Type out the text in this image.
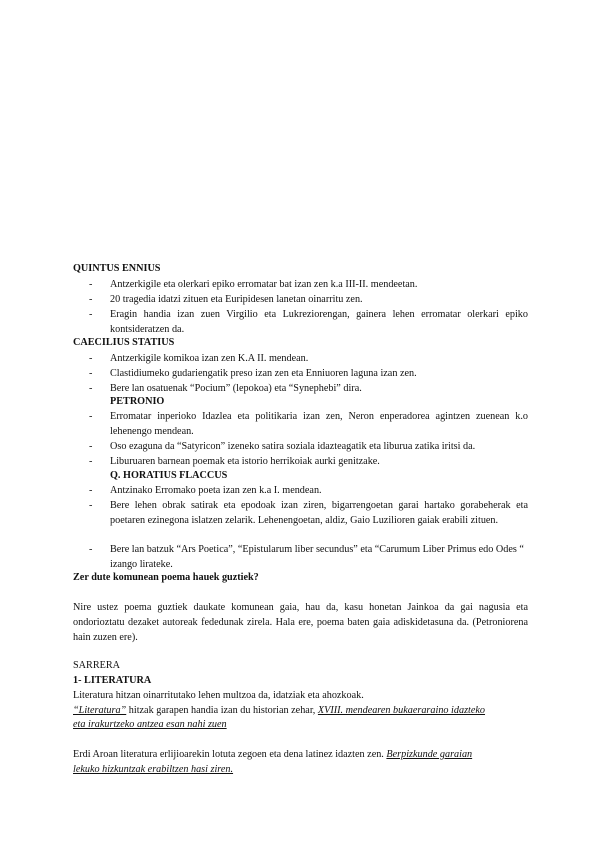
QUINTUS ENNIUS
- Antzerkigile eta olerkari epiko erromatar bat izan zen k.a III-II. mendeetan.
- 20 tragedia idatzi zituen eta Euripidesen lanetan oinarritu zen.
- Eragin handia izan zuen Virgilio eta Lukreziorengan, gainera lehen erromatar olerkari epiko kontsideratzen da.
CAECILIUS STATIUS
- Antzerkigile komikoa izan zen K.A II. mendean.
- Clastidiumeko gudariengatik preso izan zen eta Enniuoren laguna izan zen.
- Bere lan osatuenak “Pocium” (lepokoa) eta “Synephebi” dira.
PETRONIO
- Erromatar inperioko Idazlea eta politikaria izan zen, Neron enperadorea agintzen zuenean k.o lehenengo mendean.
- Oso ezaguna da “Satyricon” izeneko satira soziala idazteagatik eta liburua zatika iritsi da.
- Liburuaren barnean poemak eta istorio herrikoiak aurki genitzake.
Q. HORATIUS FLACCUS
- Antzinako Erromako poeta izan zen k.a I. mendean.
- Bere lehen obrak satirak eta epodoak izan ziren, bigarrengoetan garai hartako gorabeherak eta poetaren ezinegona islatzen zelarik. Lehenengoetan, aldiz, Gaio Luzilioren gaiak erabili zituen.
- Bere lan batzuk “Ars Poetica”, “Epistularum liber secundus” eta “Carumum Liber Primus edo Odes “ izango lirateke.
Zer dute komunean poema hauek guztiek?
Nire ustez poema guztiek daukate komunean gaia, hau da, kasu honetan Jainkoa da gai nagusia eta ondorioztatu dezaket autoreak fededunak zirela. Hala ere, poema baten gaia adiskidetasuna da. (Petroniorena hain zuzen ere).
SARRERA
1- LITERATURA
Literatura hitzan oinarritutako lehen multzoa da, idatziak eta ahozkoak.
“Literatura” hitzak garapen handia izan du historian zehar, XVIII. mendearen bukaeraraino idazteko
eta irakurtzeko antzea esan nahi zuen
Erdi Aroan literatura erlijioarekin lotuta zegoen eta dena latinez idazten zen. Berpizkunde garaian
lekuko hizkuntzak erabiltzen hasi ziren.
